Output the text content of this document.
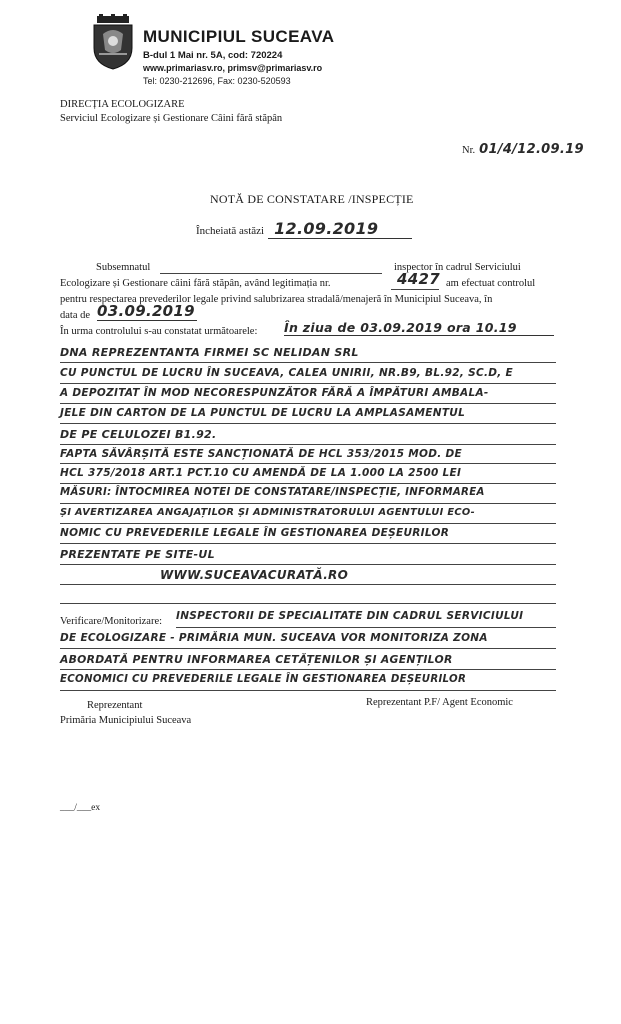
MUNICIPIUL SUCEAVA
B-dul 1 Mai nr. 5A, cod: 720224
www.primariasv.ro, primsv@primariasv.ro
Tel: 0230-212696, Fax: 0230-520593
DIRECȚIA ECOLOGIZARE
Serviciul Ecologizare și Gestionare Câini fără stăpân
Nr. 01/4/12.09.19
NOTĂ DE CONSTATARE /INSPECȚIE
Încheiată astăzi 12.09.2019
Subsemnatul	inspector în cadrul Serviciului
Ecologizare și Gestionare câini fără stăpân, având legitimația nr.	4427 am efectuat controlul
pentru respectarea prevederilor legale privind salubrizarea stradală/menajeră în Municipiul Suceava, în
data de 03.09.2019
În urma controlului s-au constatat următoarele: În ziua de 03.09.2019 ora 10.19
DNA REPREZENTANTA FIRMEI SC NELIDAN SRL
CU PUNCTUL DE LUCRU ÎN SUCEAVA, CALEA UNIRII, NR.B9, BL.92, SC.D, E
A DEPOZITAT ÎN MOD NECORESPUNZĂTOR FĂRĂ A ÎMPĂTURI AMBALA-
JELE DIN CARTON DE LA PUNCTUL DE LUCRU LA AMPLASAMENTUL
DE PE CELULOZEI B1.92.
FAPTA SĂVÂRȘITĂ ESTE SANCȚIONATĂ DE HCL 353/2015 MOD. DE
HCL 375/2018 ART.1 PCT.10 CU AMENDĂ DE LA 1.000 LA 2500 LEI
MĂSURI: ÎNTOCMIREA NOTEI DE CONSTATARE/INSPECȚIE, INFORMAREA
ȘI AVERTIZAREA ANGAJAȚILOR ȘI ADMINISTRATORULUI AGENTULUI ECO-
NOMIC CU PREVEDERILE LEGALE ÎN GESTIONAREA DEȘEURILOR
PREZENTATE PE SITE-UL
WWW.SUCEAVACURATĂ.RO
Verificare/Monitorizare: INSPECTORII DE SPECIALITATE DIN CADRUL SERVICIULUI
DE ECOLOGIZARE - PRIMĂRIA MUN. SUCEAVA VOR MONITORIZA ZONA
ABORDATĂ PENTRU INFORMAREA CETĂȚENILOR ȘI AGENȚILOR
ECONOMICI CU PREVEDERILE LEGALE ÎN GESTIONAREA DEȘEURILOR
Reprezentant
Primăria Municipiului Suceava
Reprezentant P.F/ Agent Economic
___/___ex
